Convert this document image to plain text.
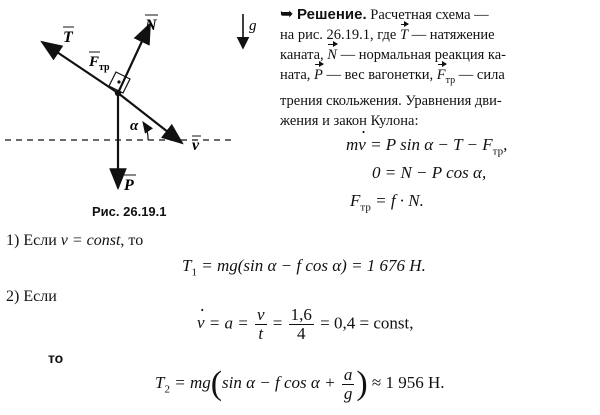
T
N
F тр
α
v
P
g
Рис. 26.19.1
➥ Решение. Расчетная схема —
на рис. 26.19.1, где T — натяжение
каната, N — нормальная реакция ка-
ната, P — вес вагонетки, $F_{тр}$ — сила
трения скольжения. Уравнения дви-
жения и закон Кулона:
mv · = P $\sin \alpha - T - F_{тр}$,
0 = N − P cos α,
$F_{тр} = f \cdot N$.
1) Если v = const, то
$T_1 = mg(\sin$ α − f cos α) = 1 676 Н.
2) Если
v · = $a = \frac{v}{t} = \frac{1,6}{4} = 0,4$ = const,
то
$T_2 = mg(\sin$ α − f $\cos \alpha + \frac{a}{g}$ ) ≈ 1 956 Н.
